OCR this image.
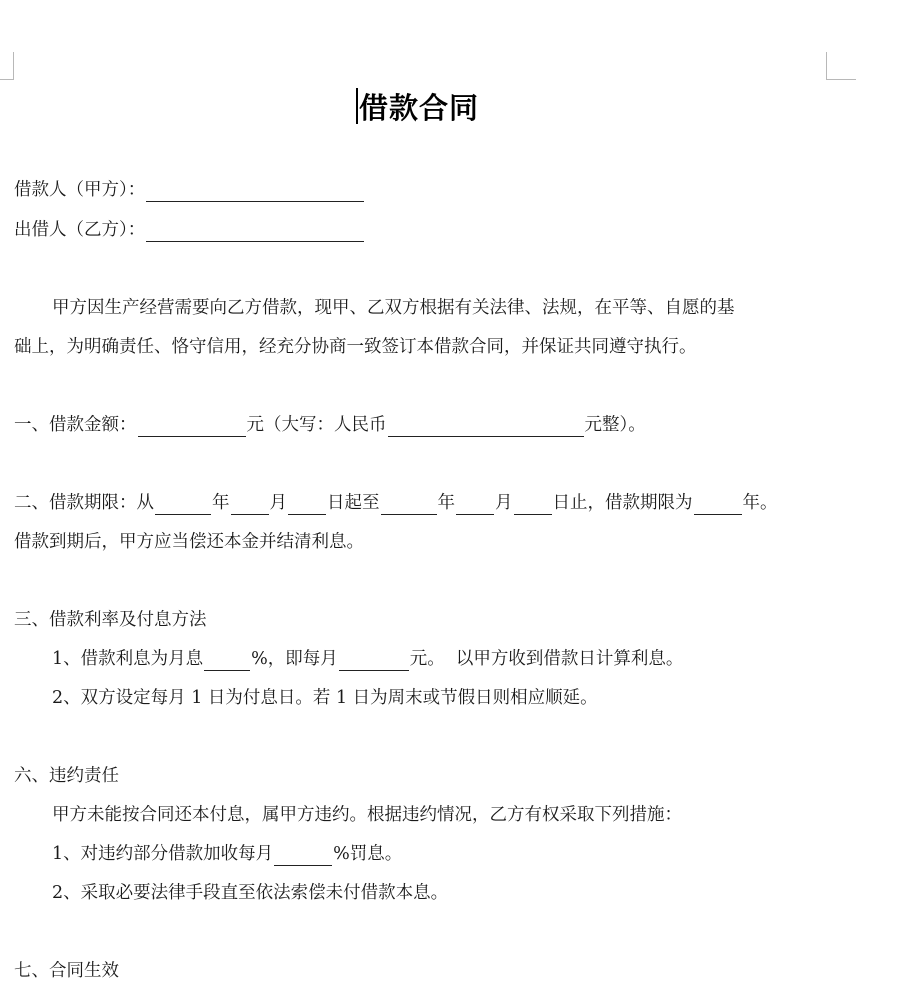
借款合同
借款人（甲方）：
出借人（乙方）：
甲方因生产经营需要向乙方借款，现甲、乙双方根据有关法律、法规，在平等、自愿的基
础上，为明确责任、恪守信用，经充分协商一致签订本借款合同，并保证共同遵守执行。
一、借款金额：	元（大写：人民币	元整）。
二、借款期限：从	年 月 日起至	年 月 日止，借款期限为	年。
借款到期后，甲方应当偿还本金并结清利息。
三、借款利率及付息方法
1、借款利息为月息	%，即每月	元。  以甲方收到借款日计算利息。
2、双方设定每月 1 日为付息日。若 1 日为周末或节假日则相应顺延。
六、违约责任
甲方未能按合同还本付息，属甲方违约。根据违约情况，乙方有权采取下列措施：
1、对违约部分借款加收每月	%罚息。
2、采取必要法律手段直至依法索偿未付借款本息。
七、合同生效
